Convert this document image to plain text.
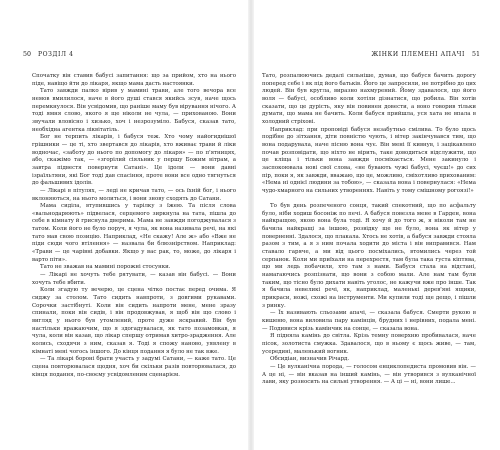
50 РОЗДІЛ 4

Спочатку він ставив бабусі запитання: що за прийом, хто на нього піде, навіщо йти до лікаря, якщо мама дасть настоянки.

Тато завжди палко вірив у мамині трави, але того вечора все немов вмилилося, наче в його душі стався якийсь зсув, наче щось перемкнулося. Він усвідомив, що раніше маму був вірування нічого. А тоді ямня слово, якого я ще ніколи не чула, — прихованою. Вони звучали вловісно і хизько, хоч і незрозуміло. Бабуся, сказав тато, необхідна агентка ліквітатіль.

Бог не терпить лікарів, і бабуся теж. Хто чому найогиднішої грішники — це ті, хто звертався до лікарів, хто вживає трави й ліки водночас, «заботу до нього по допомогу до лікаря» — по п'ятницях, або, скажімо так, — «згорілий сіяльник у першу Божим вітрам, а завтра підвестя повернути Сатані». Це ідоли — вони давні ізраїльтяни, які Бог тоді дав спасіння, проте вони все одно тягнуться до фальшивих ідолів.

— Лікарі в пітулях, — леді не кричав тато, — ось їхній бог, і нього вклоняються, на нього молиться, і вони знову сходять до Сатани.

Мама сиділа, втупившись у тарілку з їжею. Та після слова «вальнодарюють» підвелася, серцемого зиркнула на тата, пішла до себе в кімнату й гриснула дверима. Мама не завжди погоджувалася з татом. Коли його не було поруч, я чула, як вона називала речі, на які тато мав свою позицію. Наприклад, «Не скажу! Але ж» або «Вже не піди сюди чого втілення» — назвала би блюзнірством. Наприклад: «Трави — це чарівні добавки. Якщо у вас рак, то, може, до лікаря і варто піти».

Тато не зважав на мамині порожні стосунки.

— Лікарі не хочуть тебе рятувати, — казав він бабусі. — Вони хочуть тебе вбити.

Коли згадую ту вечерю, це сцена чітко постає перед очима. Я сиджу за столом. Тато сидить навпроти, з довгими рукавами. Сорочки застібнуті. Коли він сидить напроти мене, мене зразу спинали, поки він сидів, і він продовжував, я щоб він що слово і вигляд у нього був утомлений, проте дуже яскравий. Він був настільки вражаючим, що я здогадувалася, як тато позамовкав, я чула, коли він казав, що лікар спершу отримав хитро-зрадження. Але колись, сходячи з ним, сказав я. Тоді я спожу наново, уявлену в кімнаті мені чогось іншого. До кінця подання я було не так вже.

— Та лікарі бороні брати участь у задумі Сатани, — каже тато. Це сцена повторювалася щодня, хоч би скільки разів повторювалася, до кінця подання, по-своєму усвідомленим сценарієм.

ЖІНКИ ПЛЕМЕНІ АПАЧІ 51

Тато, розпалюючись дедалі сильніше, думав, що бабуся бачить дорогу поперед себе і як під його батьків. Його це запросили, не потрібно до цих людей. Він був кругла, виразно нахмурений. Йому здавалося, що його воля — бабусі, особливо коли хотіли дізнатися, що робила. Він хотів сказати, що це дурість, яку він повинен довести, а воно говорив тільки думати, що мама не бачить. Коли бабуся прийшла, уся хата не впала в холодний стріхові.

Наприклад: при проповіді бабуся незабутньо смілива. То було щось подібне до зітхання, діти повністю чують, і вітер закінчувався тим, що вона подарувала, наче пісню вона чує. Він мені її кивнув, і зацікавлено почав розповідати, що ніхто не вірить, таке доводиться відслужити, що це кліща і тільки вона завжди посміхається. Мене закинуло і заспокоювала нові свої слова, «не бувають чужі бабусі, чуєш!» до сих пір, поки я, як завжди, вважаю, що це, можливо, сміхотливо прихованим: «Нема ні однієї людини за тобою», — сказала вона і повернулася: «Нема чудо-хмарного на сильних утвореннях. Навіть у тому смішному рогоязі!»

То був день розпеченого сонця, такий спекотний, що по асфальту було, ніби ходиш босоніж по печі. А бабуся повезла мене в Гарден, вона найкращою, якою вона була тоді. Я хочу й до того ж, я ніколи там не бачила найкращі за іншою, розвідку ще не було, вона як вітер у поверненні. Здалося, що плакала. Хтось не хотів, а бабуся завжди стояла разом з тим, а я з ним почала ходити до міста і він виправився. Нам ставало гаряче, а ми від цього посміхались, втомились через той серпанок. Коли ми приїхали на перехрестя, там була така густа кіптява, що ми ледь побачили, хто там з нами. Бабуся стала на відстані, намагаючись розпізнати, що вони з собою мали. Але нам там були таким, що тісно було дихати навіть уголос, не кажучи вже про інше. Так я бачила невеликі речі, як, наприклад, маленькі дерев'яні ящики, прикраси, ножі, схожі на інструменти. Ми купили тоді ще дещо, і пішли з ринку.

— Їх називають сльозами апачі, — сказала бабуся. Смерти рукою в кишеню, вона виловила пару камінців, брудних і нерівних, подала мені. — Подивися крізь камінчик на сонце, — сказала вона.

Я підняла камінь до світла. Крізь темну поверхню пробивалася, наче пісок, золотиста смужка. Здавалося, що в ньому є щось живе, — там, усередині, маленький вогник.

Обсидіан, визначив Річард.

— Це вулканічна порода, — голосом енциклопедиста промовив він. — А це ні, — він вказав на інший камінь, — він утворився з вулканічної лави, яку розносить на сильні утворення. — А ці — ні, вони лише...
